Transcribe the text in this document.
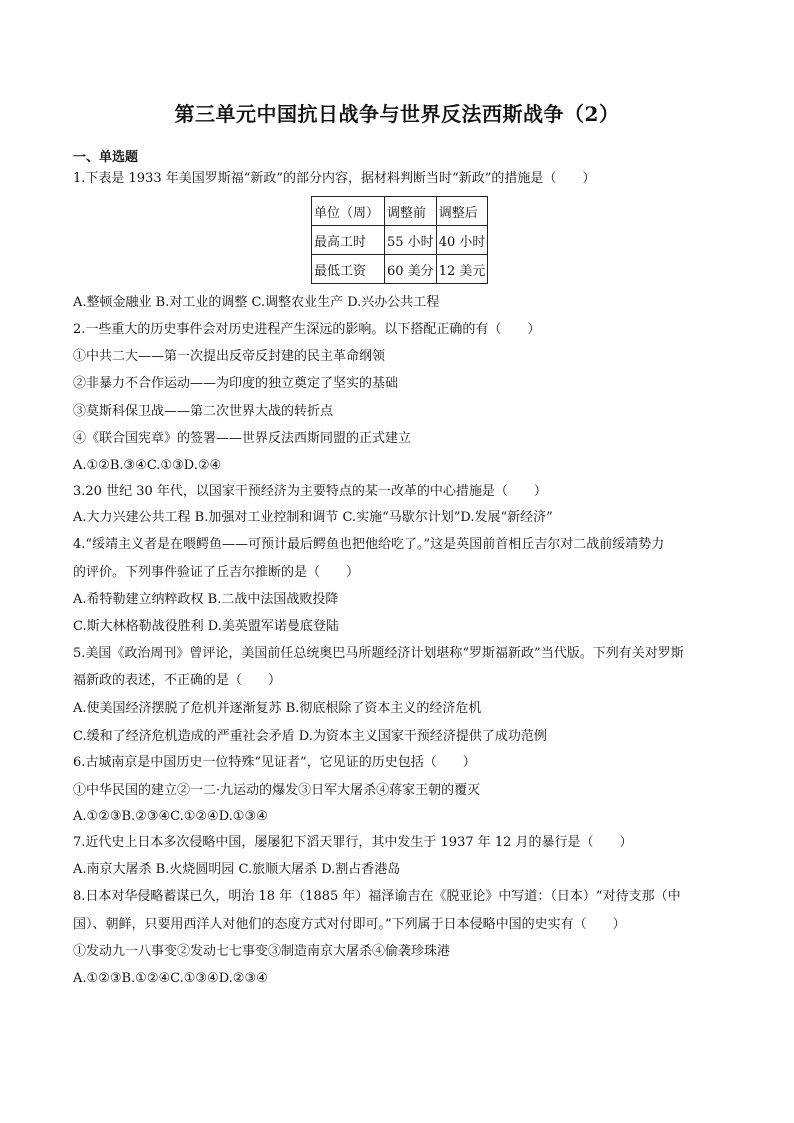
第三单元中国抗日战争与世界反法西斯战争（2）
一、单选题
1.下表是 1933 年美国罗斯福“新政”的部分内容，据材料判断当时“新政”的措施是（　　）
单位（周）	调整前	调整后
最高工时	55 小时	40 小时
最低工资	60 美分	12 美元
A.整顿金融业 B.对工业的调整 C.调整农业生产 D.兴办公共工程
2.一些重大的历史事件会对历史进程产生深远的影响。以下搭配正确的有（　　）
①中共二大——第一次提出反帝反封建的民主革命纲领
②非暴力不合作运动——为印度的独立奠定了坚实的基础
③莫斯科保卫战——第二次世界大战的转折点
④《联合国宪章》的签署——世界反法西斯同盟的正式建立
A.①②B.③④C.①③D.②④
3.20 世纪 30 年代，以国家干预经济为主要特点的某一改革的中心措施是（　　）
A.大力兴建公共工程 B.加强对工业控制和调节 C.实施“马歇尔计划”D.发展“新经济”
4.“绥靖主义者是在喂鳄鱼——可预计最后鳄鱼也把他给吃了。”这是英国前首相丘吉尔对二战前绥靖势力
的评价。下列事件验证了丘吉尔推断的是（　　）
A.希特勒建立纳粹政权 B.二战中法国战败投降
C.斯大林格勒战役胜利 D.美英盟军诺曼底登陆
5.美国《政治周刊》曾评论，美国前任总统奥巴马所题经济计划堪称“罗斯福新政”当代版。下列有关对罗斯
福新政的表述，不正确的是（　　）
A.使美国经济摆脱了危机并逐渐复苏 B.彻底根除了资本主义的经济危机
C.缓和了经济危机造成的严重社会矛盾 D.为资本主义国家干预经济提供了成功范例
6.古城南京是中国历史一位特殊“见证者”，它见证的历史包括（　　）
①中华民国的建立②一二·九运动的爆发③日军大屠杀④蒋家王朝的覆灭
A.①②③B.②③④C.①②④D.①③④
7.近代史上日本多次侵略中国，屡屡犯下滔天罪行，其中发生于 1937 年 12 月的暴行是（　　）
A.南京大屠杀 B.火烧圆明园 C.旅顺大屠杀 D.割占香港岛
8.日本对华侵略蓄谋已久，明治 18 年（1885 年）福泽谕吉在《脱亚论》中写道：（日本）“对待支那（中
国）、朝鲜，只要用西洋人对他们的态度方式对付即可。”下列属于日本侵略中国的史实有（　　）
①发动九一八事变②发动七七事变③制造南京大屠杀④偷袭珍珠港
A.①②③B.①②④C.①③④D.②③④
